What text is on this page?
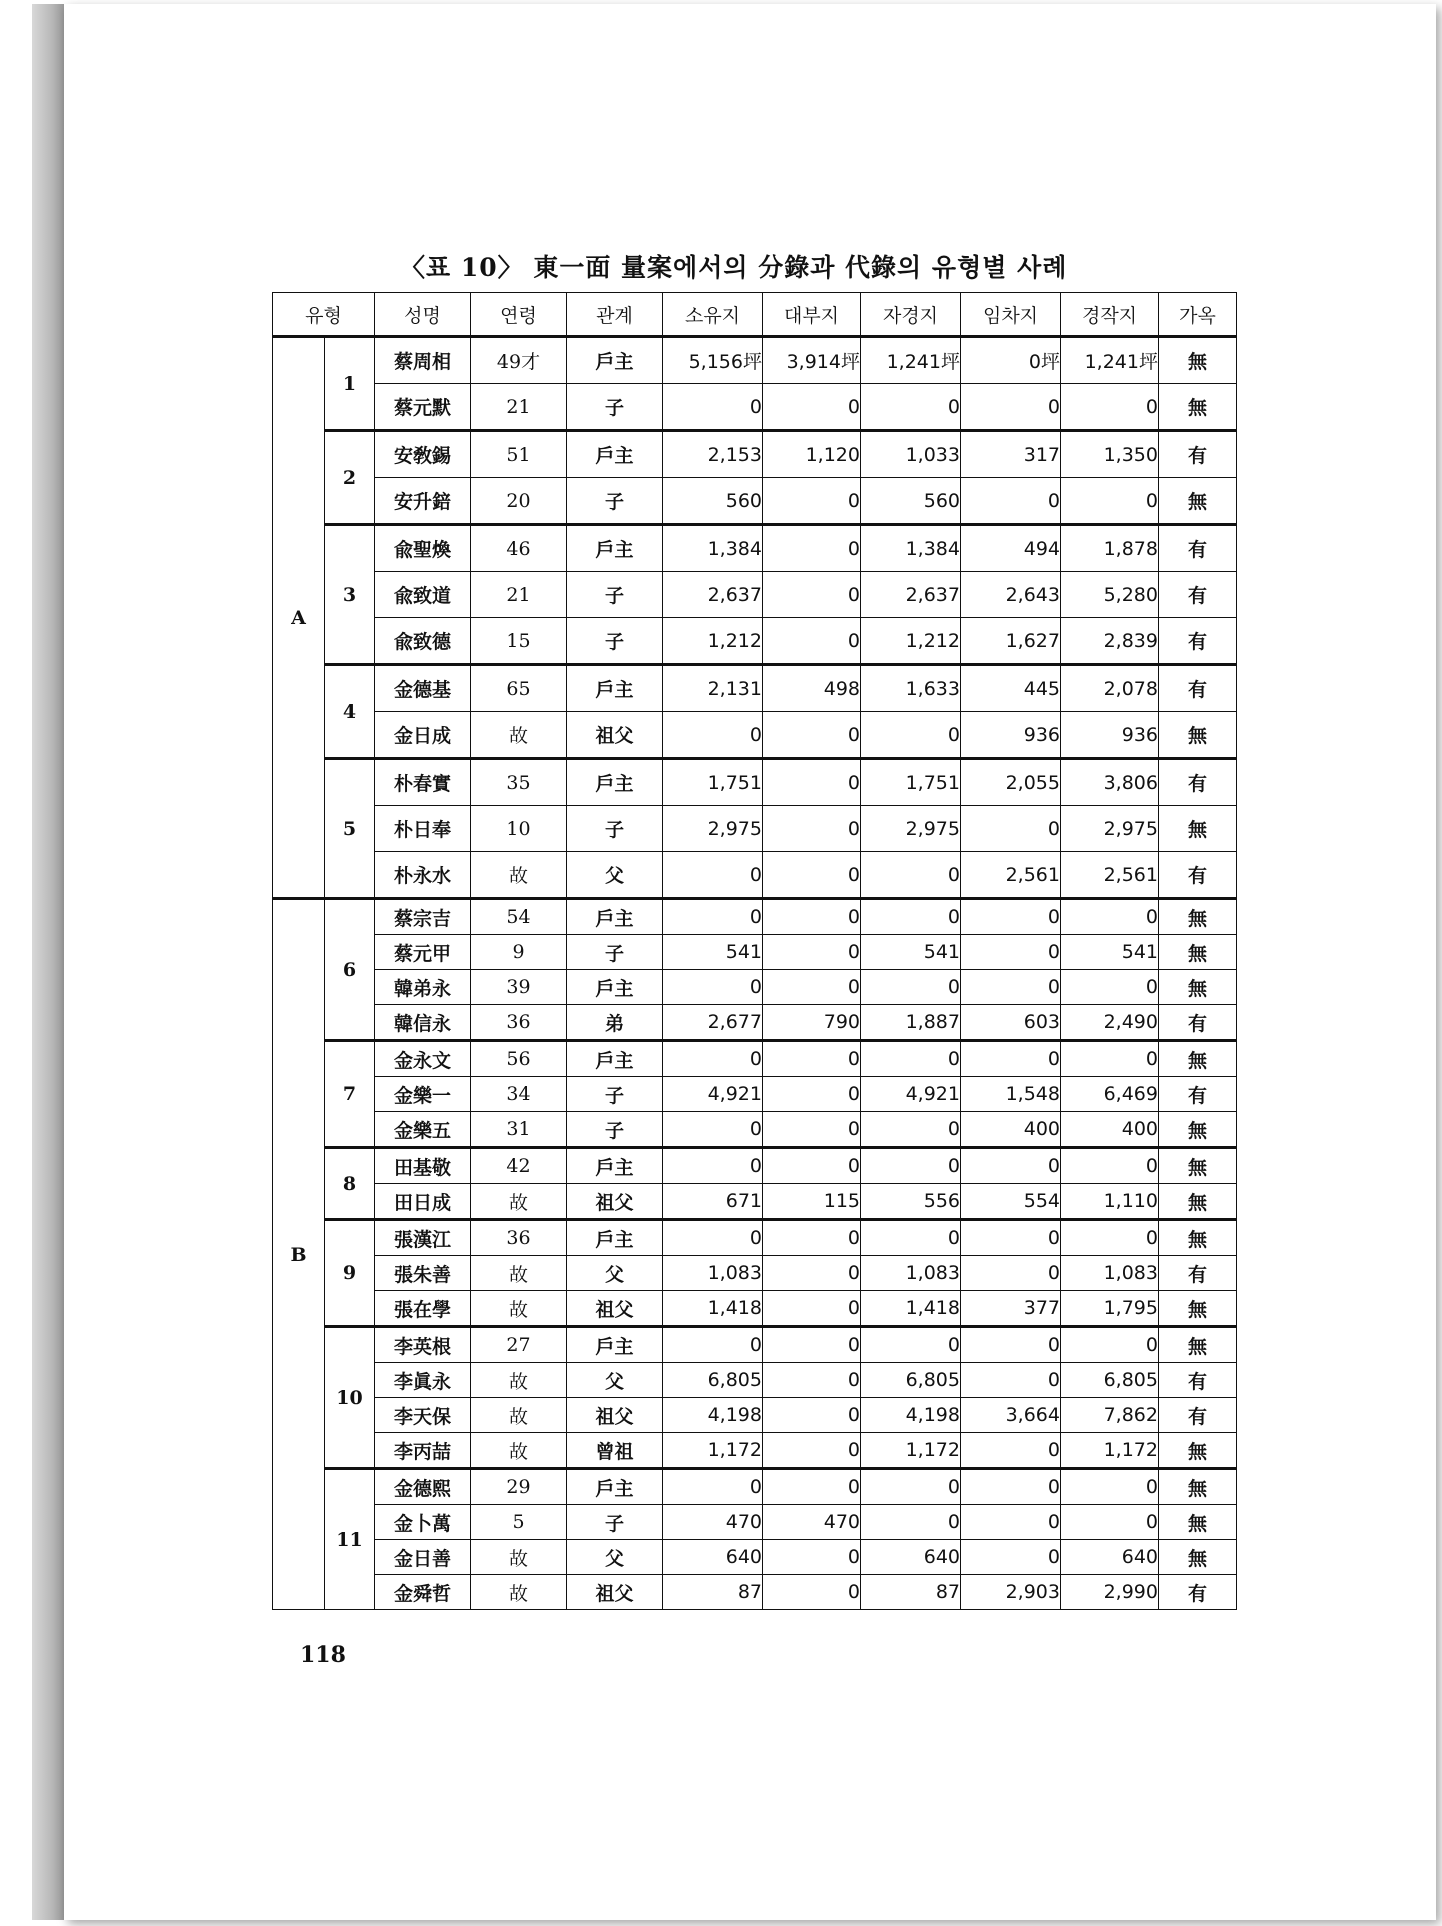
〈표 10〉 東一面 量案에서의 分錄과 代錄의 유형별 사례
유형		성명	연령	관계	소유지	대부지	자경지	임차지	경작지	가옥
A	1	蔡周相	49才	戶主	5,156坪	3,914坪	1,241坪	0坪	1,241坪	無
		蔡元默	21	子	0	0	0	0	0	無
	2	安敎錫	51	戶主	2,153	1,120	1,033	317	1,350	有
		安升錇	20	子	560	0	560	0	0	無
	3	兪聖煥	46	戶主	1,384	0	1,384	494	1,878	有
		兪致道	21	子	2,637	0	2,637	2,643	5,280	有
		兪致德	15	子	1,212	0	1,212	1,627	2,839	有
	4	金德基	65	戶主	2,131	498	1,633	445	2,078	有
		金日成	故	祖父	0	0	0	936	936	無
	5	朴春實	35	戶主	1,751	0	1,751	2,055	3,806	有
		朴日奉	10	子	2,975	0	2,975	0	2,975	無
		朴永水	故	父	0	0	0	2,561	2,561	有
B	6	蔡宗吉	54	戶主	0	0	0	0	0	無
		蔡元甲	9	子	541	0	541	0	541	無
		韓弟永	39	戶主	0	0	0	0	0	無
		韓信永	36	弟	2,677	790	1,887	603	2,490	有
	7	金永文	56	戶主	0	0	0	0	0	無
		金樂一	34	子	4,921	0	4,921	1,548	6,469	有
		金樂五	31	子	0	0	0	400	400	無
	8	田基敬	42	戶主	0	0	0	0	0	無
		田日成	故	祖父	671	115	556	554	1,110	無
	9	張漢江	36	戶主	0	0	0	0	0	無
		張朱善	故	父	1,083	0	1,083	0	1,083	有
		張在學	故	祖父	1,418	0	1,418	377	1,795	無
	10	李英根	27	戶主	0	0	0	0	0	無
		李眞永	故	父	6,805	0	6,805	0	6,805	有
		李天保	故	祖父	4,198	0	4,198	3,664	7,862	有
		李丙喆	故	曾祖	1,172	0	1,172	0	1,172	無
	11	金德熙	29	戶主	0	0	0	0	0	無
		金卜萬	5	子	470	470	0	0	0	無
		金日善	故	父	640	0	640	0	640	無
		金舜哲	故	祖父	87	0	87	2,903	2,990	有
118
